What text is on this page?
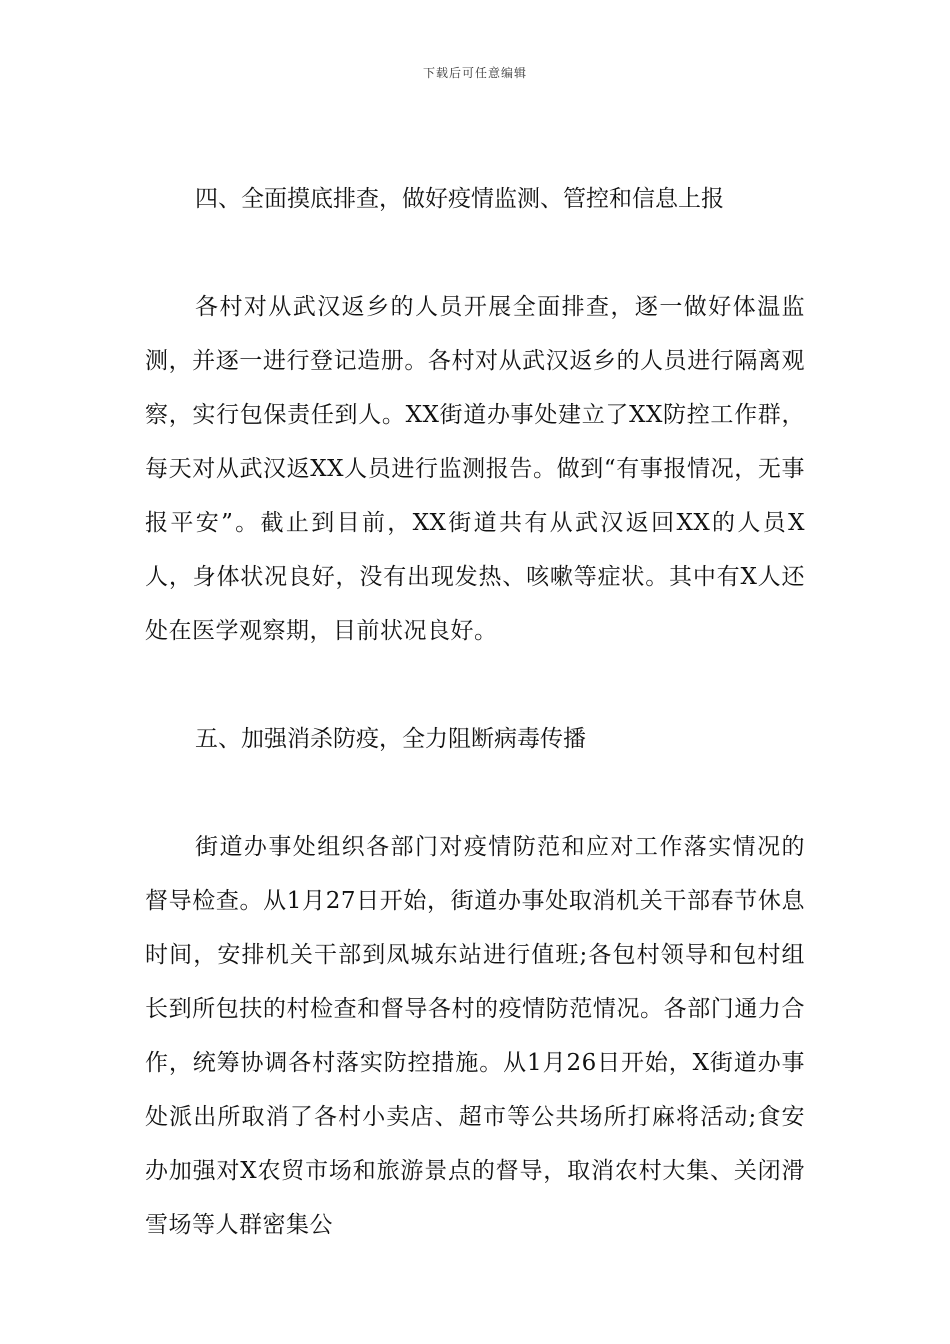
下载后可任意编辑
四、全面摸底排查，做好疫情监测、管控和信息上报

各村对从武汉返乡的人员开展全面排查，逐一做好体温监测，并逐一进行登记造册。各村对从武汉返乡的人员进行隔离观察，实行包保责任到人。XX街道办事处建立了XX防控工作群，每天对从武汉返XX人员进行监测报告。做到“有事报情况，无事报平安”。截止到目前，XX街道共有从武汉返回XX的人员X人，身体状况良好，没有出现发热、咳嗽等症状。其中有X人还处在医学观察期，目前状况良好。

五、加强消杀防疫，全力阻断病毒传播

街道办事处组织各部门对疫情防范和应对工作落实情况的督导检查。从1月27日开始，街道办事处取消机关干部春节休息时间，安排机关干部到凤城东站进行值班;各包村领导和包村组长到所包扶的村检查和督导各村的疫情防范情况。各部门通力合作，统筹协调各村落实防控措施。从1月26日开始，X街道办事处派出所取消了各村小卖店、超市等公共场所打麻将活动;食安办加强对X农贸市场和旅游景点的督导，取消农村大集、关闭滑雪场等人群密集公
